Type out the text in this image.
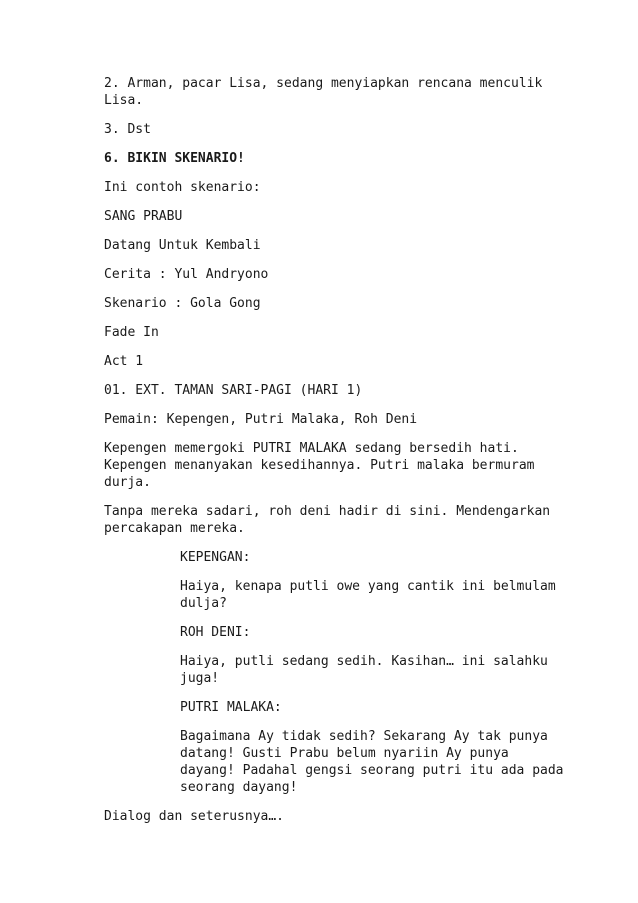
2. Arman, pacar Lisa, sedang menyiapkan rencana menculik
Lisa.

3. Dst

6. BIKIN SKENARIO!

Ini contoh skenario:

SANG PRABU

Datang Untuk Kembali

Cerita : Yul Andryono

Skenario : Gola Gong

Fade In

Act 1

01. EXT. TAMAN SARI-PAGI (HARI 1)

Pemain: Kepengen, Putri Malaka, Roh Deni

Kepengen memergoki PUTRI MALAKA sedang bersedih hati.
Kepengen menanyakan kesedihannya. Putri malaka bermuram
durja.

Tanpa mereka sadari, roh deni hadir di sini. Mendengarkan
percakapan mereka.

KEPENGAN:

Haiya, kenapa putli owe yang cantik ini belmulam
dulja?

ROH DENI:

Haiya, putli sedang sedih. Kasihan… ini salahku
juga!

PUTRI MALAKA:

Bagaimana Ay tidak sedih? Sekarang Ay tak punya
datang! Gusti Prabu belum nyariin Ay punya
dayang! Padahal gengsi seorang putri itu ada pada
seorang dayang!

Dialog dan seterusnya….
